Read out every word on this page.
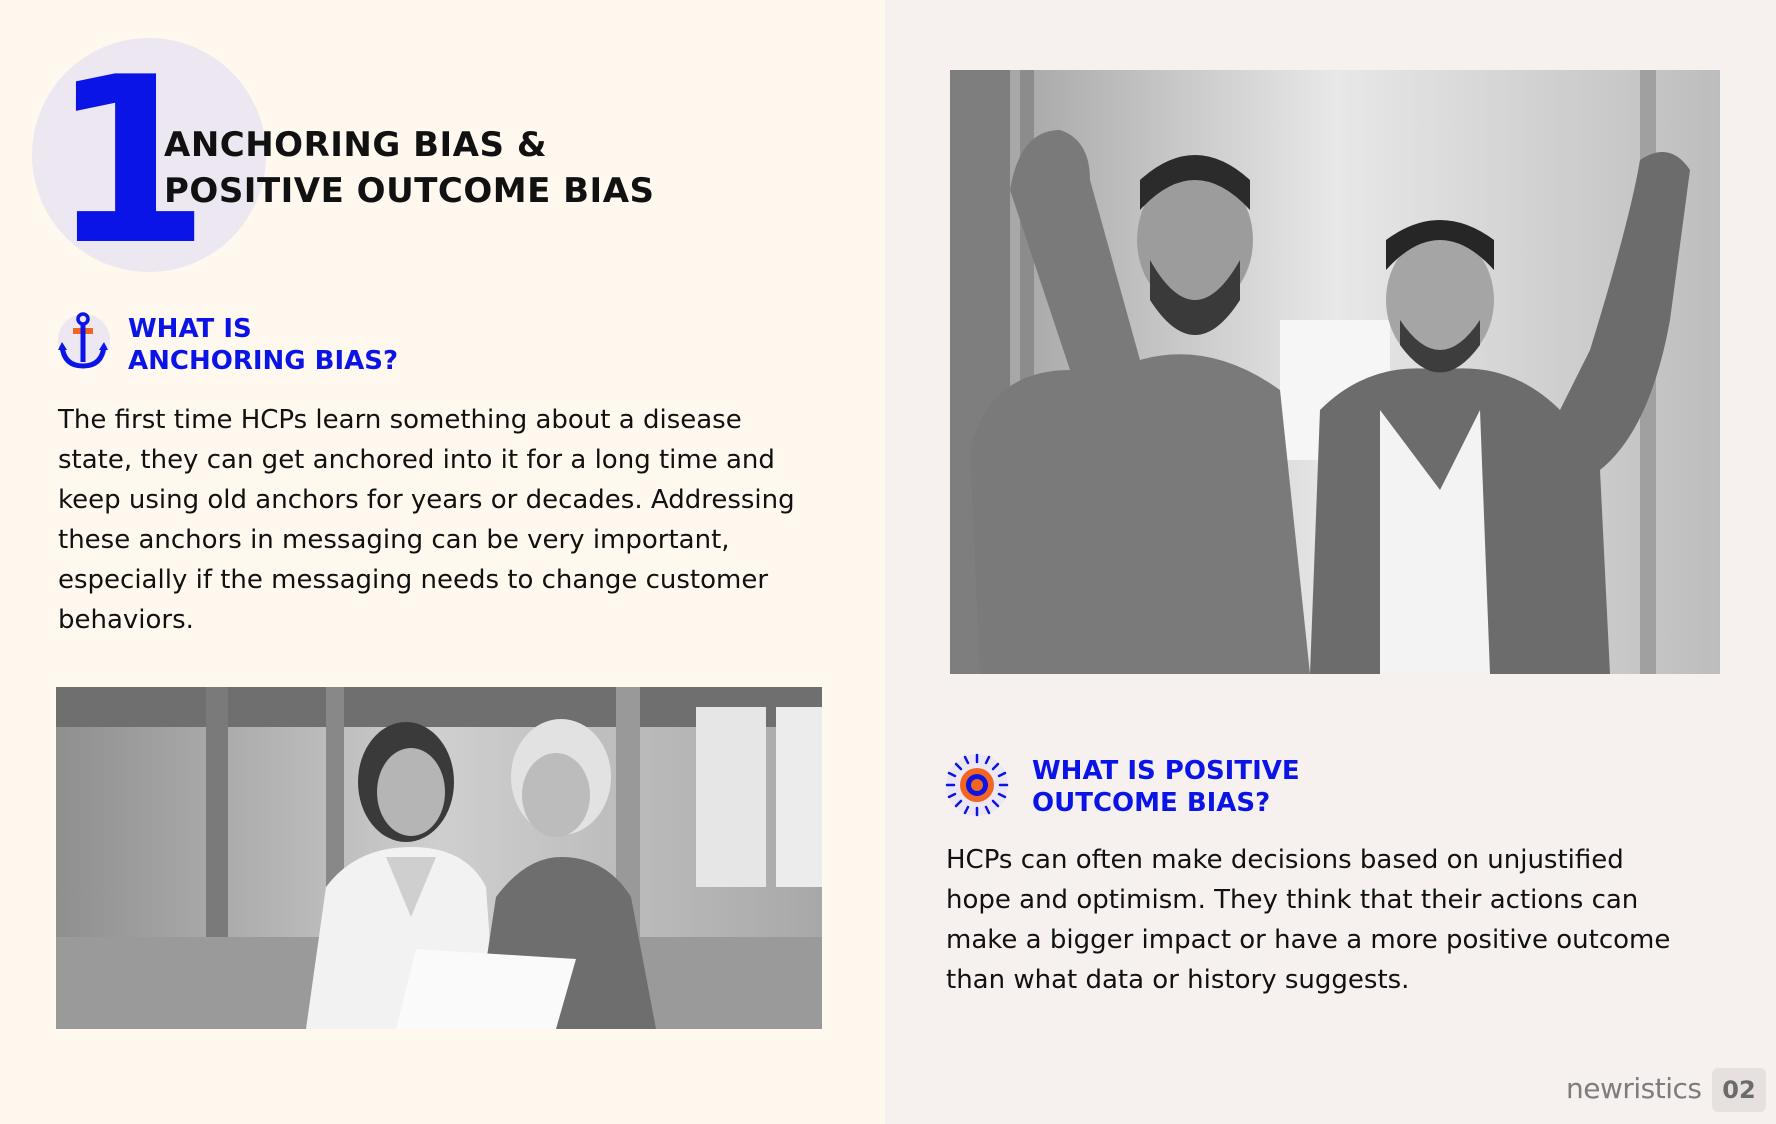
1
ANCHORING BIAS &
POSITIVE OUTCOME BIAS
WHAT IS
ANCHORING BIAS?
The first time HCPs learn something about a disease state, they can get anchored into it for a long time and keep using old anchors for years or decades. Addressing these anchors in messaging can be very important, especially if the messaging needs to change customer behaviors.
WHAT IS POSITIVE
OUTCOME BIAS?
HCPs can often make decisions based on unjustified hope and optimism. They think that their actions can make a bigger impact or have a more positive outcome than what data or history suggests.
newristics 02
